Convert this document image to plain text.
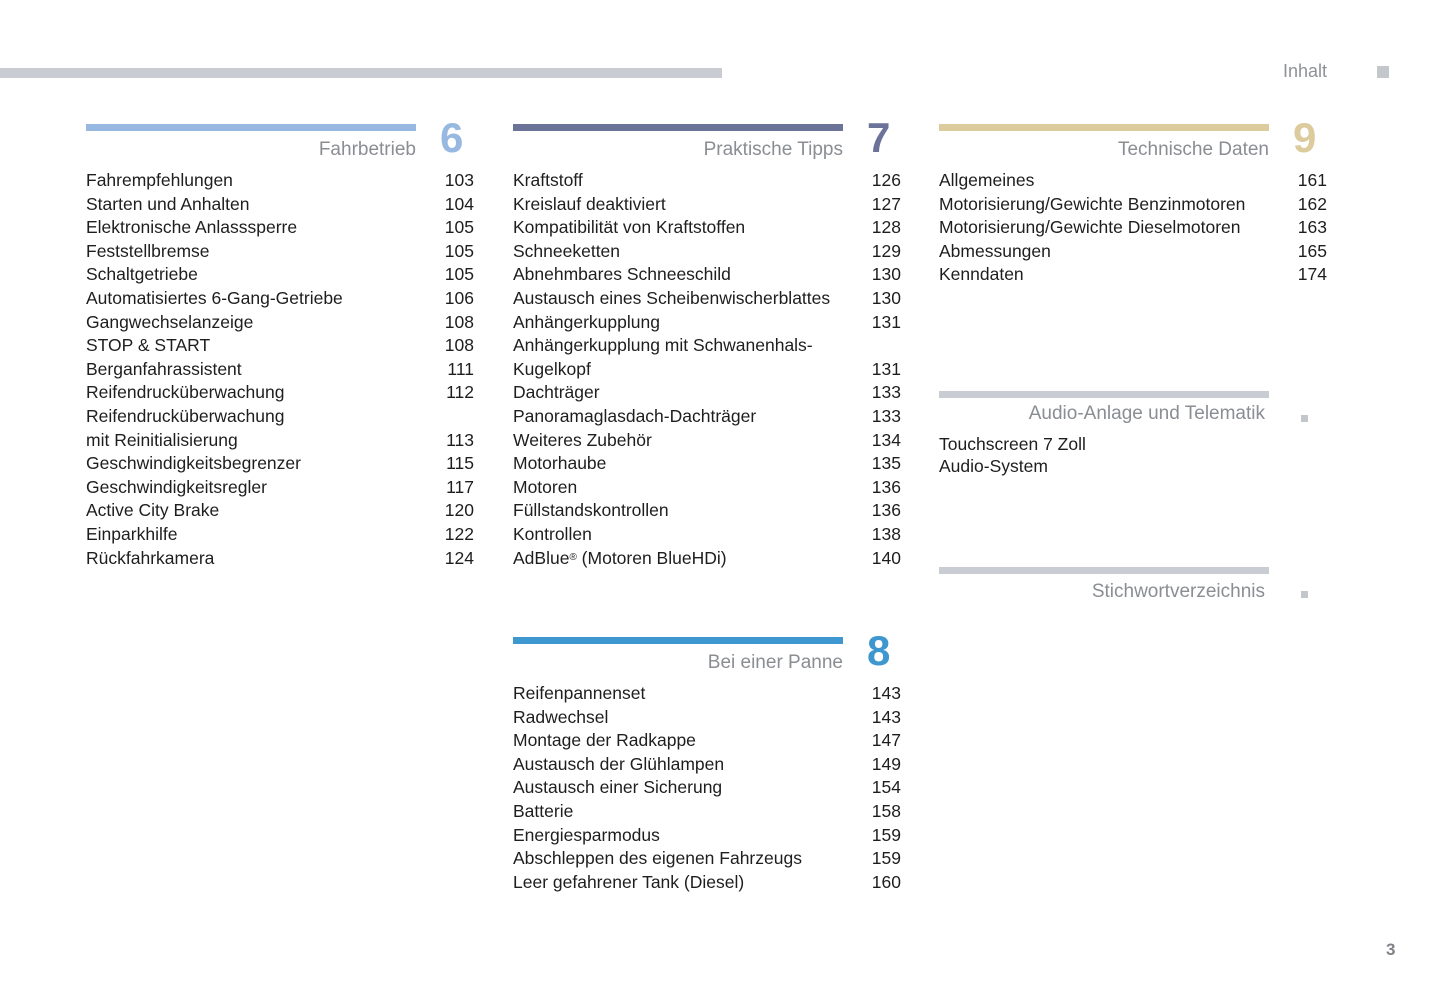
Inhalt
Fahrbetrieb 6
Fahrempfehlungen	103
Starten und Anhalten	104
Elektronische Anlasssperre	105
Feststellbremse	105
Schaltgetriebe	105
Automatisiertes 6-Gang-Getriebe	106
Gangwechselanzeige	108
STOP & START	108
Berganfahrassistent	111
Reifendrucküberwachung	112
Reifendrucküberwachung
mit Reinitialisierung	113
Geschwindigkeitsbegrenzer	115
Geschwindigkeitsregler	117
Active City Brake	120
Einparkhilfe	122
Rückfahrkamera	124
Praktische Tipps 7
Kraftstoff	126
Kreislauf deaktiviert	127
Kompatibilität von Kraftstoffen	128
Schneeketten	129
Abnehmbares Schneeschild	130
Austausch eines Scheibenwischerblattes	130
Anhängerkupplung	131
Anhängerkupplung mit Schwanenhals-
Kugelkopf	131
Dachträger	133
Panoramaglasdach-Dachträger	133
Weiteres Zubehör	134
Motorhaube	135
Motoren	136
Füllstandskontrollen	136
Kontrollen	138
AdBlue® (Motoren BlueHDi)	140
Bei einer Panne 8
Reifenpannenset	143
Radwechsel	143
Montage der Radkappe	147
Austausch der Glühlampen	149
Austausch einer Sicherung	154
Batterie	158
Energiesparmodus	159
Abschleppen des eigenen Fahrzeugs	159
Leer gefahrener Tank (Diesel)	160
Technische Daten 9
Allgemeines	161
Motorisierung/Gewichte Benzinmotoren	162
Motorisierung/Gewichte Dieselmotoren	163
Abmessungen	165
Kenndaten	174
Audio-Anlage und Telematik
Touchscreen 7 Zoll
Audio-System
Stichwortverzeichnis
3
